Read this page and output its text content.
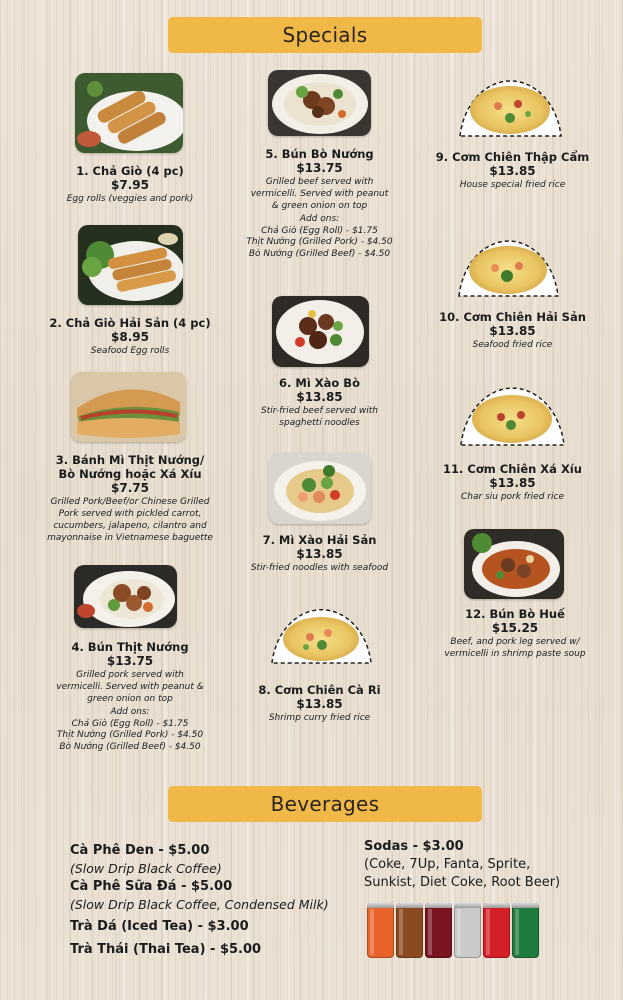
Specials
1. Chả Giò (4 pc)
$7.95
Egg rolls (veggies and pork)
2. Chả Giò Hải Sản (4 pc)
$8.95
Seafood Egg rolls
3. Bánh Mì Thịt Nướng/
Bò Nướng hoặc Xá Xíu
$7.75
Grilled Pork/Beef/or Chinese Grilled
Pork served with pickled carrot,
cucumbers, jalapeno, cilantro and
mayonnaise in Vietnamese baguette
4. Bún Thịt Nướng
$13.75
Grilled pork served with
vermicelli. Served with peanut &
green onion on top
Add ons:
Chả Giò (Egg Roll) - $1.75
Thịt Nướng (Grilled Pork) - $4.50
Bò Nướng (Grilled Beef) - $4.50
5. Bún Bò Nướng
$13.75
Grilled beef served with
vermicelli. Served with peanut
& green onion on top
Add ons:
Chả Giò (Egg Roll) - $1.75
Thịt Nướng (Grilled Pork) - $4.50
Bò Nướng (Grilled Beef) - $4.50
6. Mì Xào Bò
$13.85
Stir-fried beef served with
spaghetti noodles
7. Mì Xào Hải Sản
$13.85
Stir-fried noodles with seafood
8. Cơm Chiên Cà Ri
$13.85
Shrimp curry fried rice
9. Cơm Chiên Thập Cẩm
$13.85
House special fried rice
10. Cơm Chiên Hải Sản
$13.85
Seafood fried rice
11. Cơm Chiên Xá Xíu
$13.85
Char siu pork fried rice
12. Bún Bò Huế
$15.25
Beef, and pork leg served w/
vermicelli in shrimp paste soup
Beverages
Cà Phê Den - $5.00
(Slow Drip Black Coffee)
Cà Phê Sữa Đá - $5.00
(Slow Drip Black Coffee, Condensed Milk)
Trà Dá (Iced Tea) - $3.00
Trà Thái (Thai Tea) - $5.00
Sodas - $3.00
(Coke, 7Up, Fanta, Sprite,
Sunkist, Diet Coke, Root Beer)
